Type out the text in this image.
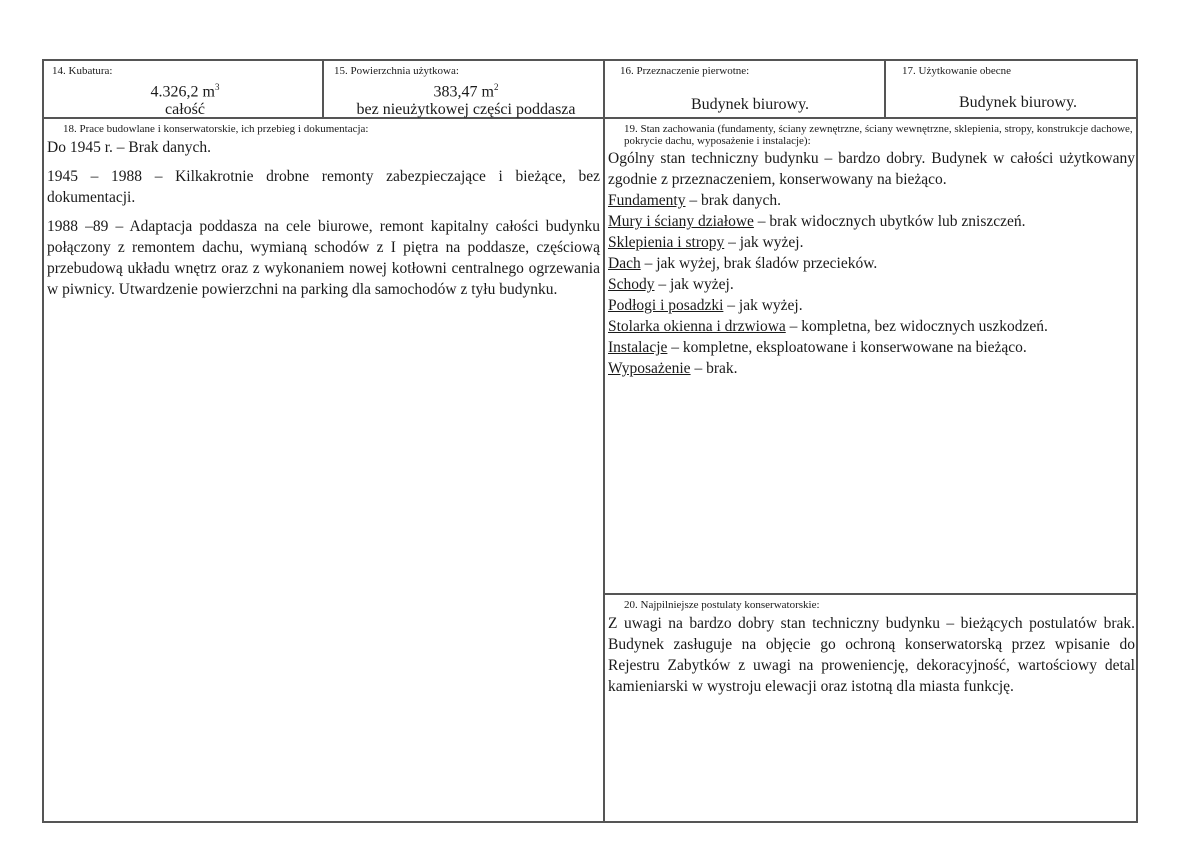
14. Kubatura:
4.326,2 $m^3$
całość
15. Powierzchnia użytkowa:
383,47 $m^2$
bez nieużytkowej części poddasza
16. Przeznaczenie pierwotne:
Budynek biurowy.
17. Użytkowanie obecne
Budynek biurowy.
18. Prace budowlane i konserwatorskie, ich przebieg i dokumentacja:

Do 1945 r. – Brak danych.

1945 – 1988 – Kilkakrotnie drobne remonty zabezpieczające i bieżące, bez dokumentacji.

1988 –89 – Adaptacja poddasza na cele biurowe, remont kapitalny całości budynku połączony z remontem dachu, wymianą schodów z I piętra na poddasze, częściową przebudową układu wnętrz oraz z wykonaniem nowej kotłowni centralnego ogrzewania w piwnicy. Utwardzenie powierzchni na parking dla samochodów z tyłu budynku.

19. Stan zachowania (fundamenty, ściany zewnętrzne, ściany wewnętrzne, sklepienia, stropy, konstrukcje dachowe, pokrycie dachu, wyposażenie i instalacje):

Ogólny stan techniczny budynku – bardzo dobry. Budynek w całości użytkowany zgodnie z przeznaczeniem, konserwowany na bieżąco.

Fundamenty – brak danych.
Mury i ściany działowe – brak widocznych ubytków lub zniszczeń.
Sklepienia i stropy – jak wyżej.
Dach – jak wyżej, brak śladów przecieków.
Schody – jak wyżej.
Podłogi i posadzki – jak wyżej.
Stolarka okienna i drzwiowa – kompletna, bez widocznych uszkodzeń.
Instalacje – kompletne, eksploatowane i konserwowane na bieżąco.
Wyposażenie – brak.
20. Najpilniejsze postulaty konserwatorskie:
Z uwagi na bardzo dobry stan techniczny budynku – bieżących postulatów brak. Budynek zasługuje na objęcie go ochroną konserwatorską przez wpisanie do Rejestru Zabytków z uwagi na proweniencję, dekoracyjność, wartościowy detal kamieniarski w wystroju elewacji oraz istotną dla miasta funkcję.
